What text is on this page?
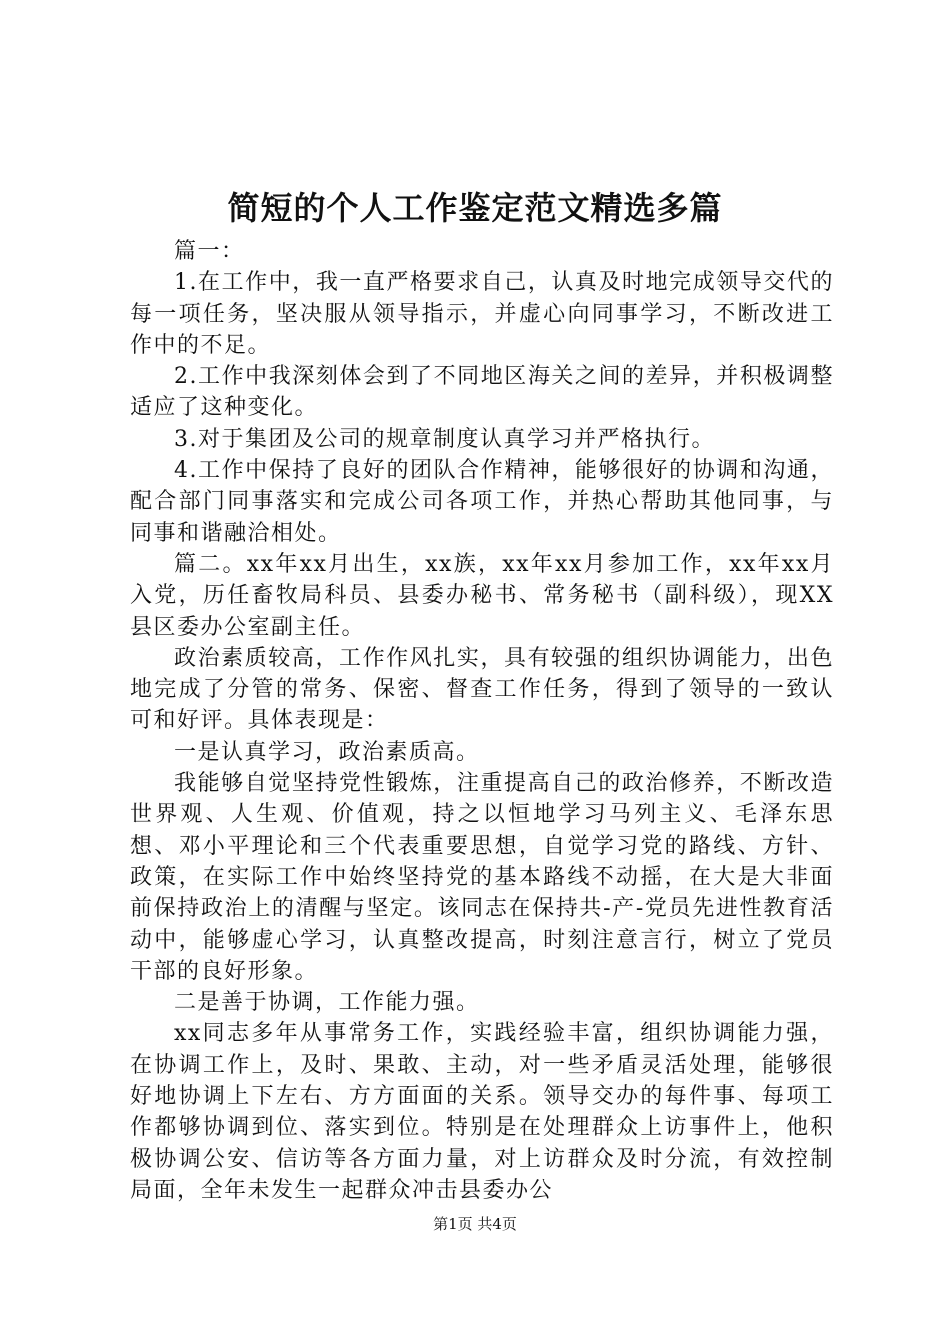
简短的个人工作鉴定范文精选多篇

篇一：

1.在工作中，我一直严格要求自己，认真及时地完成领导交代的每一项任务，坚决服从领导指示，并虚心向同事学习，不断改进工作中的不足。

2.工作中我深刻体会到了不同地区海关之间的差异，并积极调整适应了这种变化。

3.对于集团及公司的规章制度认真学习并严格执行。

4.工作中保持了良好的团队合作精神，能够很好的协调和沟通，配合部门同事落实和完成公司各项工作，并热心帮助其他同事，与同事和谐融洽相处。

篇二。xx年xx月出生，xx族，xx年xx月参加工作，xx年xx月入党，历任畜牧局科员、县委办秘书、常务秘书（副科级），现XX县区委办公室副主任。

政治素质较高，工作作风扎实，具有较强的组织协调能力，出色地完成了分管的常务、保密、督查工作任务，得到了领导的一致认可和好评。具体表现是：

一是认真学习，政治素质高。

我能够自觉坚持党性锻炼，注重提高自己的政治修养，不断改造世界观、人生观、价值观，持之以恒地学习马列主义、毛泽东思想、邓小平理论和三个代表重要思想，自觉学习党的路线、方针、政策，在实际工作中始终坚持党的基本路线不动摇，在大是大非面前保持政治上的清醒与坚定。该同志在保持共-产-党员先进性教育活动中，能够虚心学习，认真整改提高，时刻注意言行，树立了党员干部的良好形象。

二是善于协调，工作能力强。

xx同志多年从事常务工作，实践经验丰富，组织协调能力强，在协调工作上，及时、果敢、主动，对一些矛盾灵活处理，能够很好地协调上下左右、方方面面的关系。领导交办的每件事、每项工作都够协调到位、落实到位。特别是在处理群众上访事件上，他积极协调公安、信访等各方面力量，对上访群众及时分流，有效控制局面，全年未发生一起群众冲击县委办公

第1页 共4页
